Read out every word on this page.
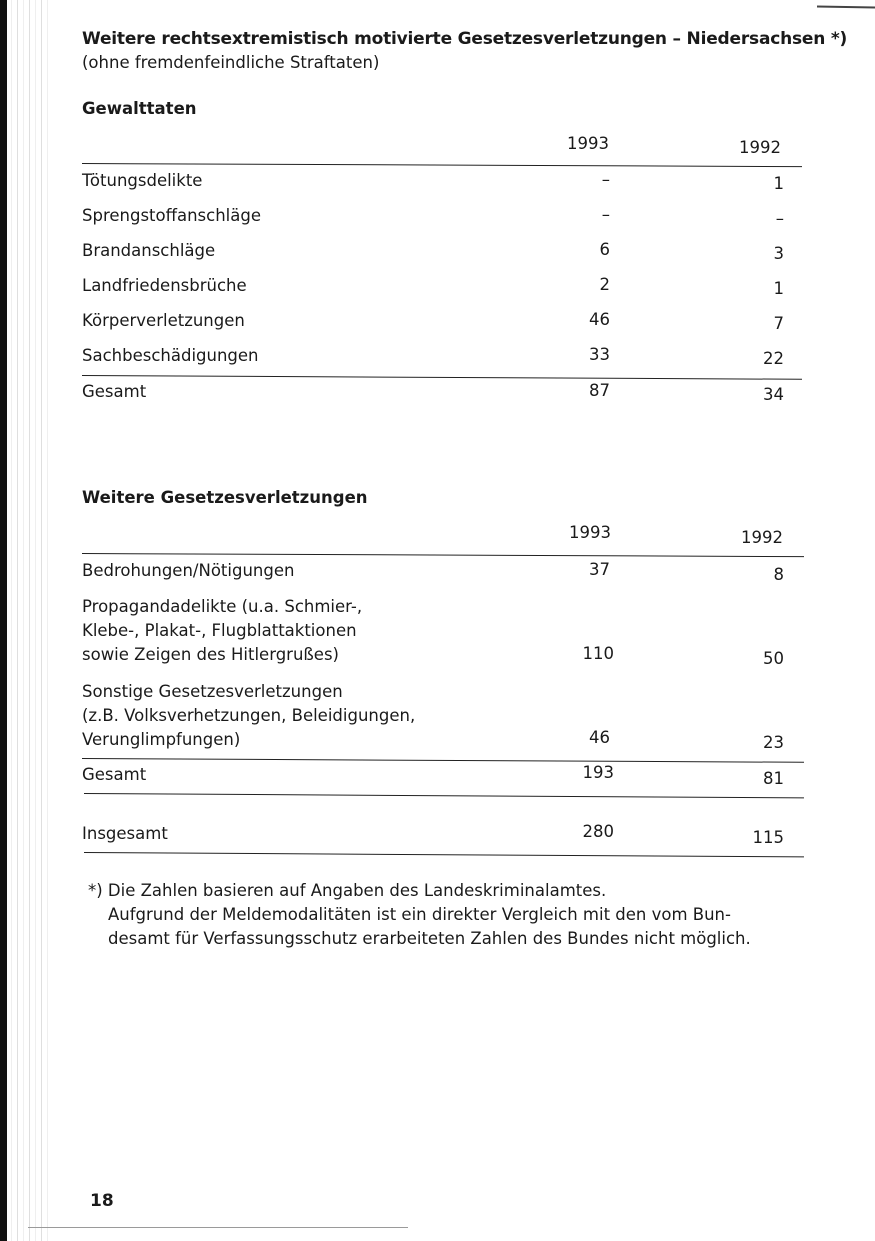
Weitere rechtsextremistisch motivierte Gesetzesverletzungen – Niedersachsen *)
(ohne fremdenfeindliche Straftaten)
Gewalttaten
1993	1992
Tötungsdelikte	–	1
Sprengstoffanschläge	–	–
Brandanschläge	6	3
Landfriedensbrüche	2	1
Körperverletzungen	46	7
Sachbeschädigungen	33	22
Gesamt	87	34
Weitere Gesetzesverletzungen
1993	1992
Bedrohungen/Nötigungen	37	8
Propagandadelikte (u.a. Schmier-,
Klebe-, Plakat-, Flugblattaktionen
sowie Zeigen des Hitlergrußes)	110	50
Sonstige Gesetzesverletzungen
(z.B. Volksverhetzungen, Beleidigungen,
Verunglimpfungen)	46	23
Gesamt	193	81
Insgesamt	280	115
*) Die Zahlen basieren auf Angaben des Landeskriminalamtes.
Aufgrund der Meldemodalitäten ist ein direkter Vergleich mit den vom Bun-
desamt für Verfassungsschutz erarbeiteten Zahlen des Bundes nicht möglich.
18
